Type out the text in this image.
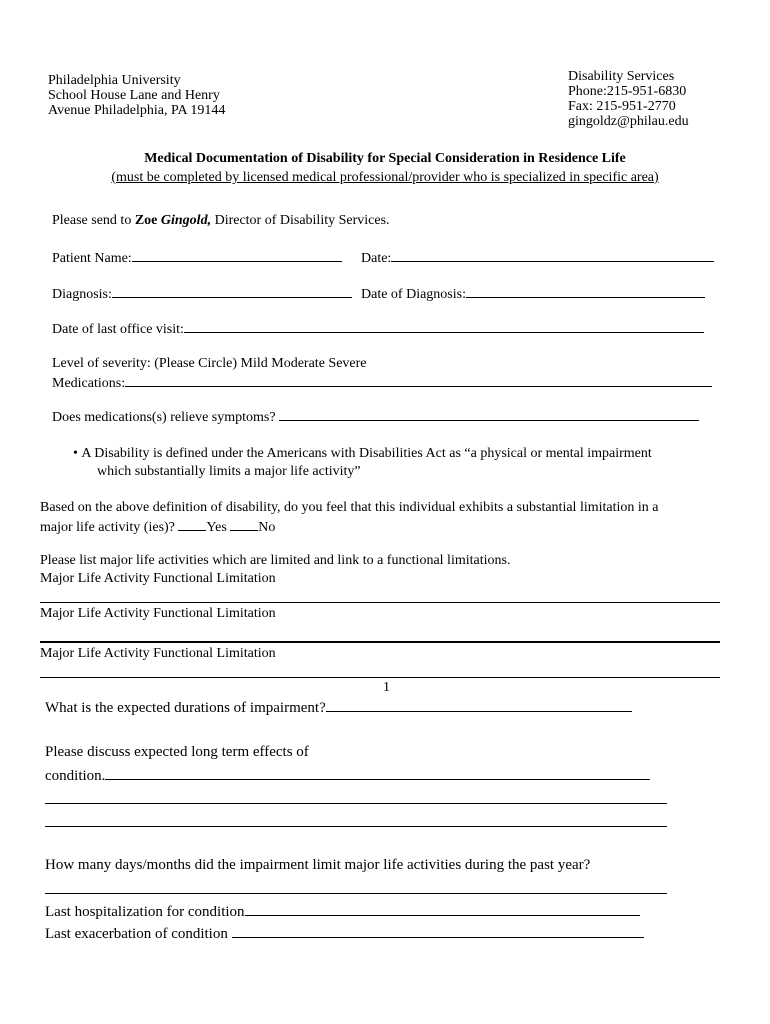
Philadelphia University
School House Lane and Henry
Avenue Philadelphia, PA 19144
Disability Services
Phone:215-951-6830
Fax: 215-951-2770
gingoldz@philau.edu
Medical Documentation of Disability for Special Consideration in Residence Life
(must be completed by licensed medical professional/provider who is specialized in specific area)
Please send to Zoe Gingold, Director of Disability Services.
Patient Name:	Date:
Diagnosis:	Date of Diagnosis:
Date of last office visit:
Level of severity: (Please Circle) Mild Moderate Severe
Medications:
Does medications(s) relieve symptoms?
• A Disability is defined under the Americans with Disabilities Act as “a physical or mental impairment
which substantially limits a major life activity”
Based on the above definition of disability, do you feel that this individual exhibits a substantial limitation in a
major life activity (ies)? Yes No
Please list major life activities which are limited and link to a functional limitations.
Major Life Activity Functional Limitation
Major Life Activity Functional Limitation
Major Life Activity Functional Limitation
1
What is the expected durations of impairment?
Please discuss expected long term effects of
condition.
How many days/months did the impairment limit major life activities during the past year?
Last hospitalization for condition
Last exacerbation of condition
